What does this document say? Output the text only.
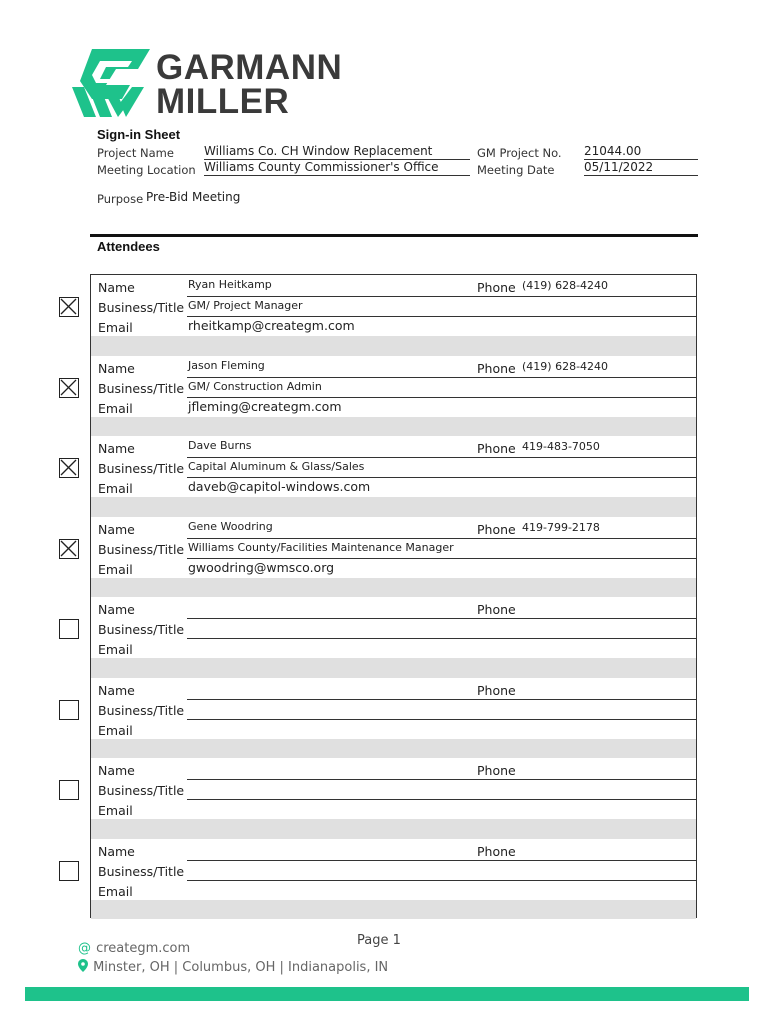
GARMANN
MILLER
Sign-in Sheet
Project Name	Williams Co. CH Window Replacement
Meeting Location Williams County Commissioner's Office
GM Project No. 21044.00
Meeting Date 05/11/2022
Purpose Pre-Bid Meeting
Attendees
Name	Ryan Heitkamp	Phone (419) 628-4240
Business/Title GM/ Project Manager
Email	rheitkamp@creategm.com
Name	Jason Fleming	Phone (419) 628-4240
Business/Title GM/ Construction Admin
Email	jfleming@creategm.com
Name	Dave Burns	Phone 419-483-7050
Business/Title Capital Aluminum & Glass/Sales
Email	daveb@capitol-windows.com
Name	Gene Woodring	Phone 419-799-2178
Business/Title Williams County/Facilities Maintenance Manager
Email	gwoodring@wmsco.org
Name	Phone
Business/Title
Email
Name	Phone
Business/Title
Email
Name	Phone
Business/Title
Email
Name	Phone
Business/Title
Email
@ creategm.com
Minster, OH | Columbus, OH | Indianapolis, IN
Page 1
